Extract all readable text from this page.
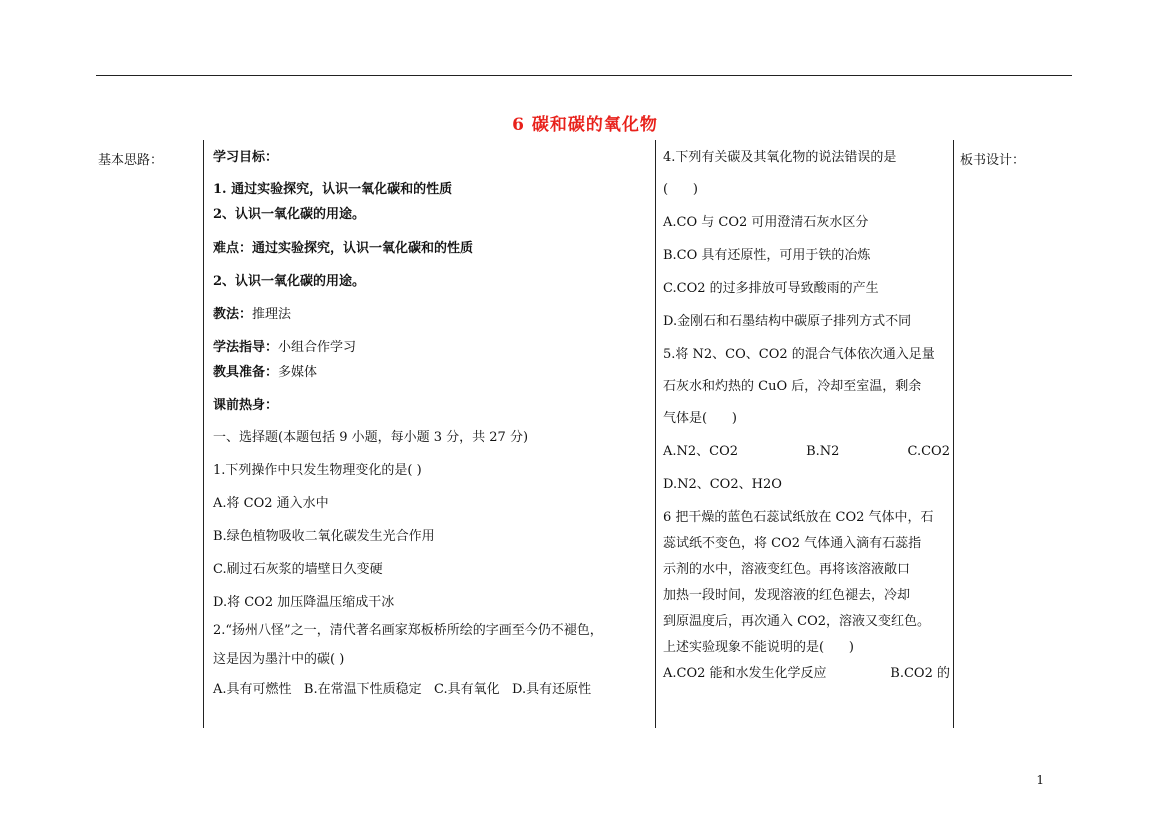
6 碳和碳的氧化物
基本思路：	学习目标：

1. 通过实验探究，认识一氧化碳和的性质

2、认识一氧化碳的用途。

难点：通过实验探究，认识一氧化碳和的性质

2、认识一氧化碳的用途。

教法：推理法

学法指导：小组合作学习

教具准备：多媒体

课前热身：

一、选择题(本题包括 9 小题，每小题 3 分，共 27 分)

1.下列操作中只发生物理变化的是( )

A.将 CO2 通入水中

B.绿色植物吸收二氧化碳发生光合作用

C.刷过石灰浆的墙壁日久变硬

D.将 CO2 加压降温压缩成干冰

2.“扬州八怪”之一，清代著名画家郑板桥所绘的字画至今仍不褪色，

这是因为墨汁中的碳( )

A.具有可燃性   B.在常温下性质稳定   C.具有氧化   D.具有还原性

4.下列有关碳及其氧化物的说法错误的是

(      )

A.CO 与 CO2 可用澄清石灰水区分

B.CO 具有还原性，可用于铁的冶炼

C.CO2 的过多排放可导致酸雨的产生

D.金刚石和石墨结构中碳原子排列方式不同

5.将 N2、CO、CO2 的混合气体依次通入足量

石灰水和灼热的 CuO 后，冷却至室温，剩余

气体是(      )

A.N2、CO2	B.N2	C.CO2

D.N2、CO2、H2O

6 把干燥的蓝色石蕊试纸放在 CO2 气体中，石

蕊试纸不变色，将 CO2 气体通入滴有石蕊指

示剂的水中，溶液变红色。再将该溶液敞口

加热一段时间，发现溶液的红色褪去，冷却

到原温度后，再次通入 CO2，溶液又变红色。

上述实验现象不能说明的是(      )

A.CO2 能和水发生化学反应	B.CO2 的

板书设计：
1
